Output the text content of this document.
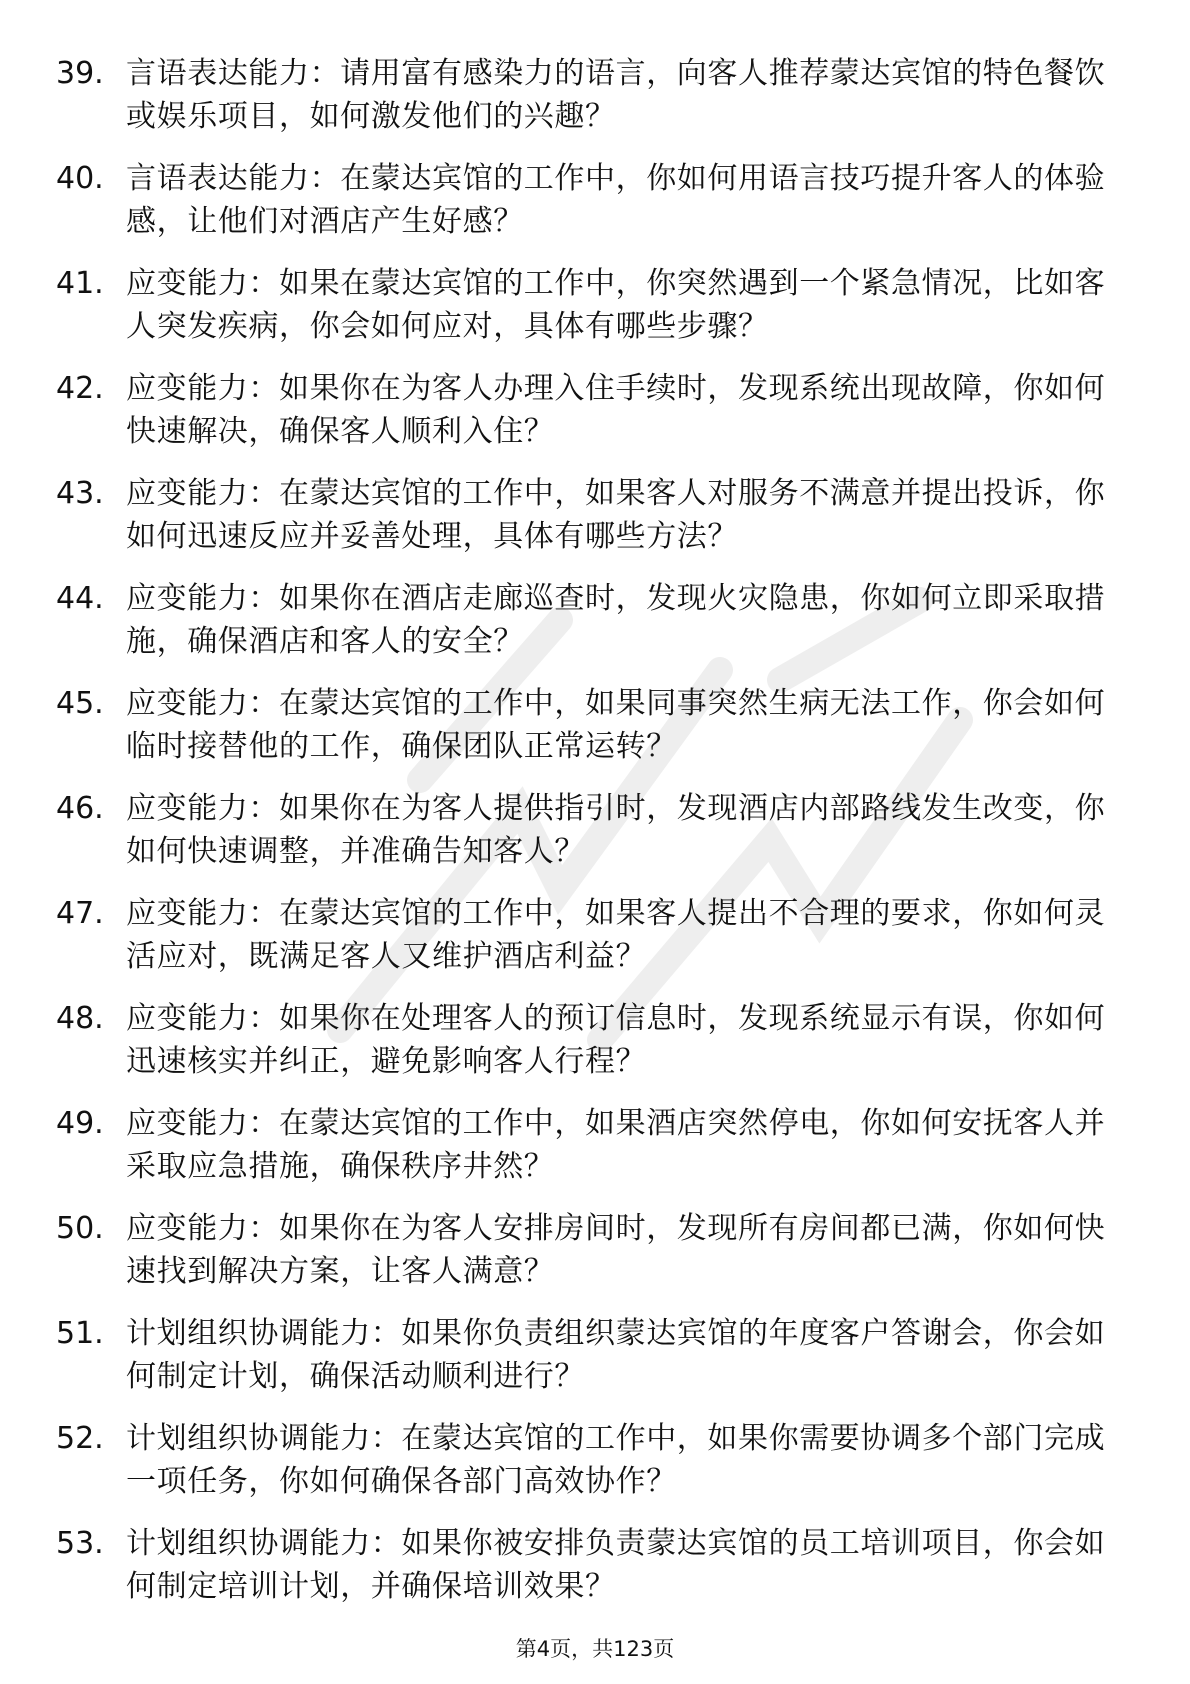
39. 言语表达能力：请用富有感染力的语言，向客人推荐蒙达宾馆的特色餐饮或娱乐项目，如何激发他们的兴趣？
40. 言语表达能力：在蒙达宾馆的工作中，你如何用语言技巧提升客人的体验感，让他们对酒店产生好感？
41. 应变能力：如果在蒙达宾馆的工作中，你突然遇到一个紧急情况，比如客人突发疾病，你会如何应对，具体有哪些步骤？
42. 应变能力：如果你在为客人办理入住手续时，发现系统出现故障，你如何快速解决，确保客人顺利入住？
43. 应变能力：在蒙达宾馆的工作中，如果客人对服务不满意并提出投诉，你如何迅速反应并妥善处理，具体有哪些方法？
44. 应变能力：如果你在酒店走廊巡查时，发现火灾隐患，你如何立即采取措施，确保酒店和客人的安全？
45. 应变能力：在蒙达宾馆的工作中，如果同事突然生病无法工作，你会如何临时接替他的工作，确保团队正常运转？
46. 应变能力：如果你在为客人提供指引时，发现酒店内部路线发生改变，你如何快速调整，并准确告知客人？
47. 应变能力：在蒙达宾馆的工作中，如果客人提出不合理的要求，你如何灵活应对，既满足客人又维护酒店利益？
48. 应变能力：如果你在处理客人的预订信息时，发现系统显示有误，你如何迅速核实并纠正，避免影响客人行程？
49. 应变能力：在蒙达宾馆的工作中，如果酒店突然停电，你如何安抚客人并采取应急措施，确保秩序井然？
50. 应变能力：如果你在为客人安排房间时，发现所有房间都已满，你如何快速找到解决方案，让客人满意？
51. 计划组织协调能力：如果你负责组织蒙达宾馆的年度客户答谢会，你会如何制定计划，确保活动顺利进行？
52. 计划组织协调能力：在蒙达宾馆的工作中，如果你需要协调多个部门完成一项任务，你如何确保各部门高效协作？
53. 计划组织协调能力：如果你被安排负责蒙达宾馆的员工培训项目，你会如何制定培训计划，并确保培训效果？
第4页，共123页
